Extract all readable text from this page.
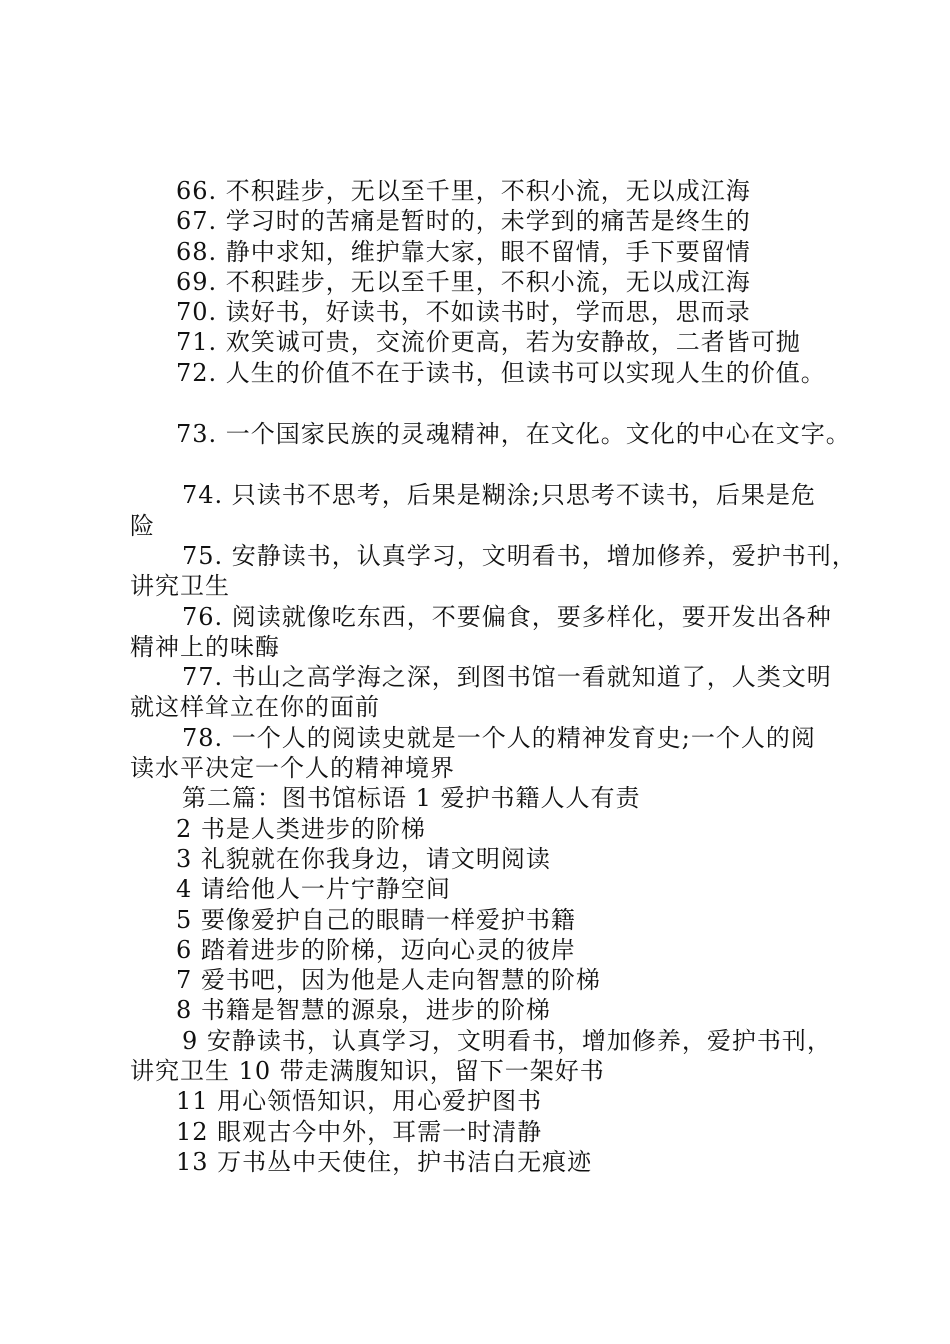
66. 不积跬步，无以至千里，不积小流，无以成江海

67. 学习时的苦痛是暂时的，未学到的痛苦是终生的

68. 静中求知，维护靠大家，眼不留情，手下要留情

69. 不积跬步，无以至千里，不积小流，无以成江海

70. 读好书，好读书，不如读书时，学而思，思而录

71. 欢笑诚可贵，交流价更高，若为安静故，二者皆可抛

72. 人生的价值不在于读书，但读书可以实现人生的价值。

73. 一个国家民族的灵魂精神，在文化。文化的中心在文字。

74. 只读书不思考，后果是糊涂;只思考不读书，后果是危
险
75. 安静读书，认真学习，文明看书，增加修养，爱护书刊，
讲究卫生
76. 阅读就像吃东西，不要偏食，要多样化，要开发出各种
精神上的味酶
77. 书山之高学海之深，到图书馆一看就知道了，人类文明
就这样耸立在你的面前
78. 一个人的阅读史就是一个人的精神发育史;一个人的阅
读水平决定一个人的精神境界

第二篇：图书馆标语 1 爱护书籍人人有责

2 书是人类进步的阶梯

3 礼貌就在你我身边，请文明阅读

4 请给他人一片宁静空间

5 要像爱护自己的眼睛一样爱护书籍

6 踏着进步的阶梯，迈向心灵的彼岸

7 爱书吧，因为他是人走向智慧的阶梯

8 书籍是智慧的源泉，进步的阶梯

9 安静读书，认真学习，文明看书，增加修养，爱护书刊，
讲究卫生 10 带走满腹知识，留下一架好书

11 用心领悟知识，用心爱护图书

12 眼观古今中外，耳需一时清静

13 万书丛中天使住，护书洁白无痕迹
